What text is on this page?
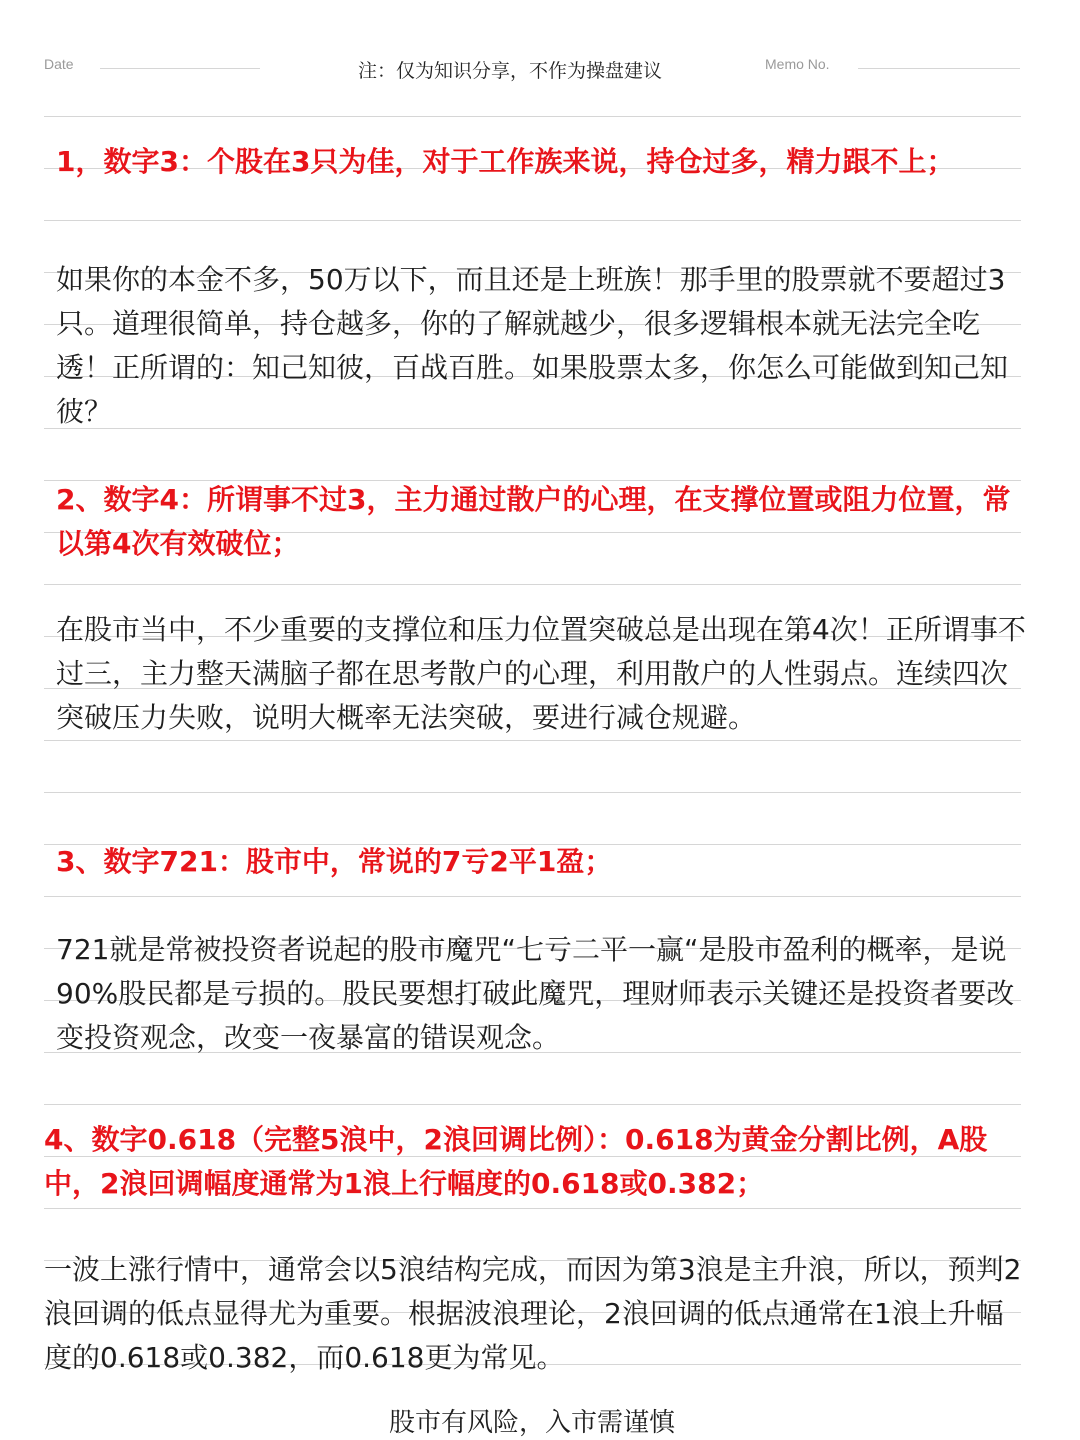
Date	注：仅为知识分享，不作为操盘建议	Memo No.
1，数字3：个股在3只为佳，对于工作族来说，持仓过多，精力跟不上；
如果你的本金不多，50万以下，而且还是上班族！那手里的股票就不要超过3只。道理很简单，持仓越多，你的了解就越少，很多逻辑根本就无法完全吃透！正所谓的：知己知彼，百战百胜。如果股票太多，你怎么可能做到知己知彼？
2、数字4：所谓事不过3，主力通过散户的心理，在支撑位置或阻力位置，常以第4次有效破位；
在股市当中，不少重要的支撑位和压力位置突破总是出现在第4次！正所谓事不过三，主力整天满脑子都在思考散户的心理，利用散户的人性弱点。连续四次突破压力失败，说明大概率无法突破，要进行减仓规避。
3、数字721：股市中，常说的7亏2平1盈；
721就是常被投资者说起的股市魔咒“七亏二平一赢“是股市盈利的概率，是说90%股民都是亏损的。股民要想打破此魔咒，理财师表示关键还是投资者要改变投资观念，改变一夜暴富的错误观念。
4、数字0.618（完整5浪中，2浪回调比例）：0.618为黄金分割比例，A股中，2浪回调幅度通常为1浪上行幅度的0.618或0.382；
一波上涨行情中，通常会以5浪结构完成，而因为第3浪是主升浪，所以，预判2浪回调的低点显得尤为重要。根据波浪理论，2浪回调的低点通常在1浪上升幅度的0.618或0.382，而0.618更为常见。
股市有风险，入市需谨慎
